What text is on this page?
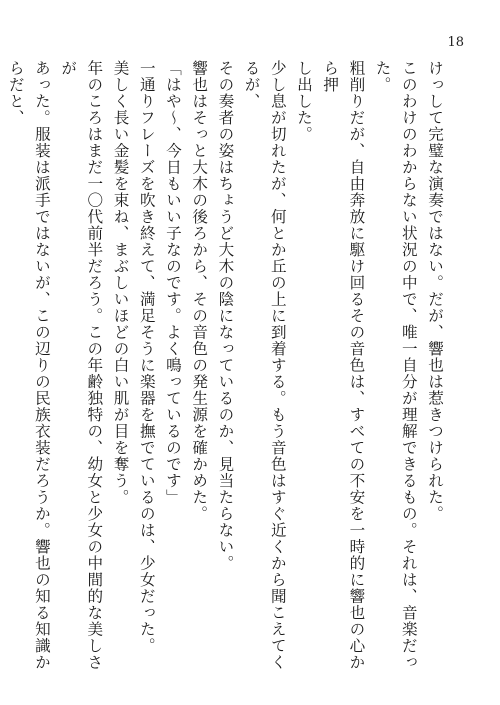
18
けっして完璧な演奏ではない。だが、響也は惹きつけられた。
このわけのわからない状況の中で、唯一自分が理解できるもの。それは、音楽だった。
粗削りだが、自由奔放に駆け回るその音色は、すべての不安を一時的に響也の心から押
し出した。
少し息が切れたが、何とか丘の上に到着する。もう音色はすぐ近くから聞こえてくるが、
その奏者の姿はちょうど大木の陰になっているのか、見当たらない。
響也はそっと大木の後ろから、その音色の発生源を確かめた。
「はや〜、今日もいい子なのです。よく鳴っているのです」
一通りフレーズを吹き終えて、満足そうに楽器を撫でているのは、少女だった。
美しく長い金髪を束ね、まぶしいほどの白い肌が目を奪う。
年のころはまだ一〇代前半だろう。この年齢独特の、幼女と少女の中間的な美しさが
あった。服装は派手ではないが、この辺りの民族衣装だろうか。響也の知る知識からだと、
